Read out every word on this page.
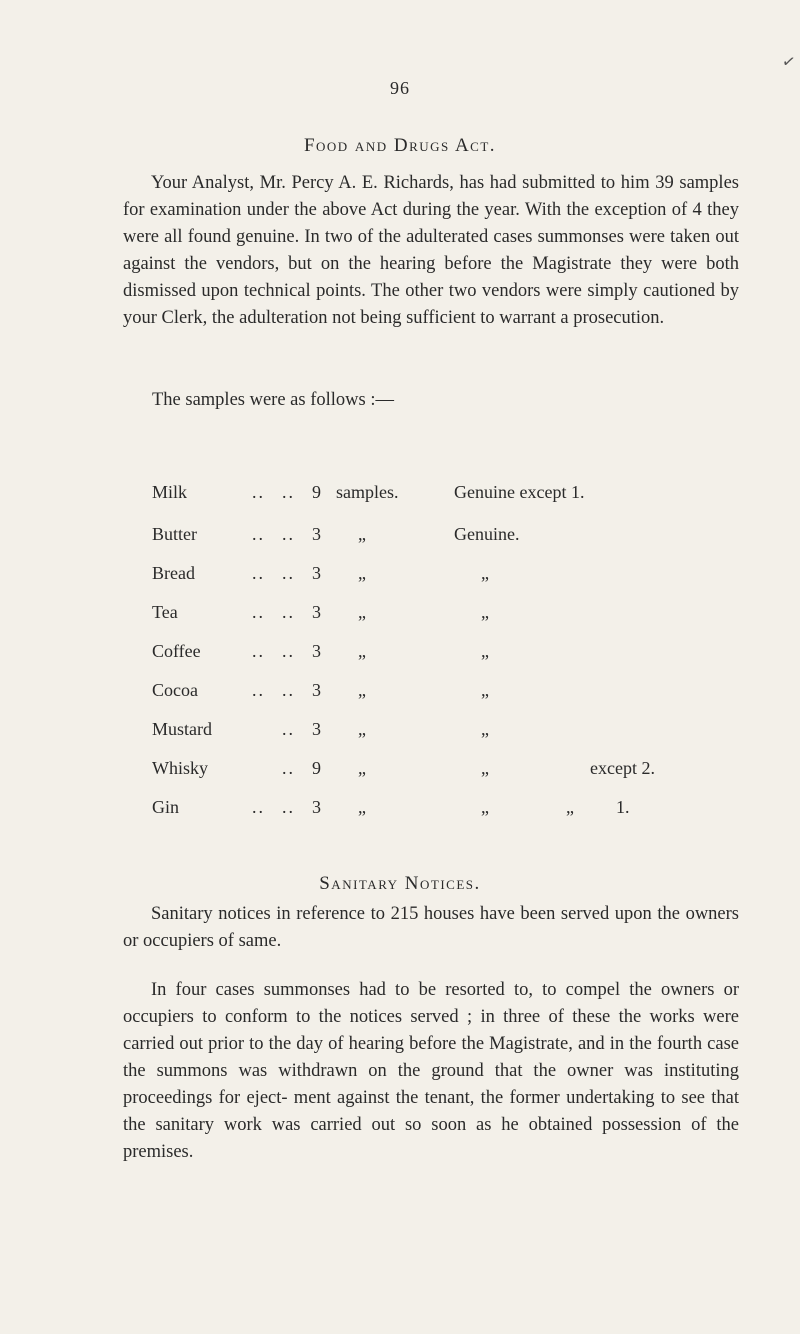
✓
96
Food and Drugs Act.

Your Analyst, Mr. Percy A. E. Richards, has had submitted to him 39 samples for examination under the above Act during the year. With the exception of 4 they were all found genuine. In two of the adulterated cases summonses were taken out against the vendors, but on the hearing before the Magistrate they were both dismissed upon technical points. The other two vendors were simply cautioned by your Clerk, the adulteration not being sufficient to warrant a prosecution.

The samples were as follows :—

Milk	.. .. 9 samples.	Genuine except 1.
Butter	.. .. 3 „	Genuine.
Bread	.. .. 3 „	„
Tea	.. .. 3 „	„
Coffee	.. .. 3 „	„
Cocoa	.. .. 3 „	„
Mustard	.. 3 „	„
Whisky	.. 9 „	„	except 2.
Gin	.. .. 3 „	„	„ 1.
Sanitary Notices.

Sanitary notices in reference to 215 houses have been served upon the owners or occupiers of same.

In four cases summonses had to be resorted to, to compel the owners or occupiers to conform to the notices served ; in three of these the works were carried out prior to the day of hearing before the Magistrate, and in the fourth case the summons was withdrawn on the ground that the owner was instituting proceedings for eject- ment against the tenant, the former undertaking to see that the sanitary work was carried out so soon as he obtained possession of the premises.
